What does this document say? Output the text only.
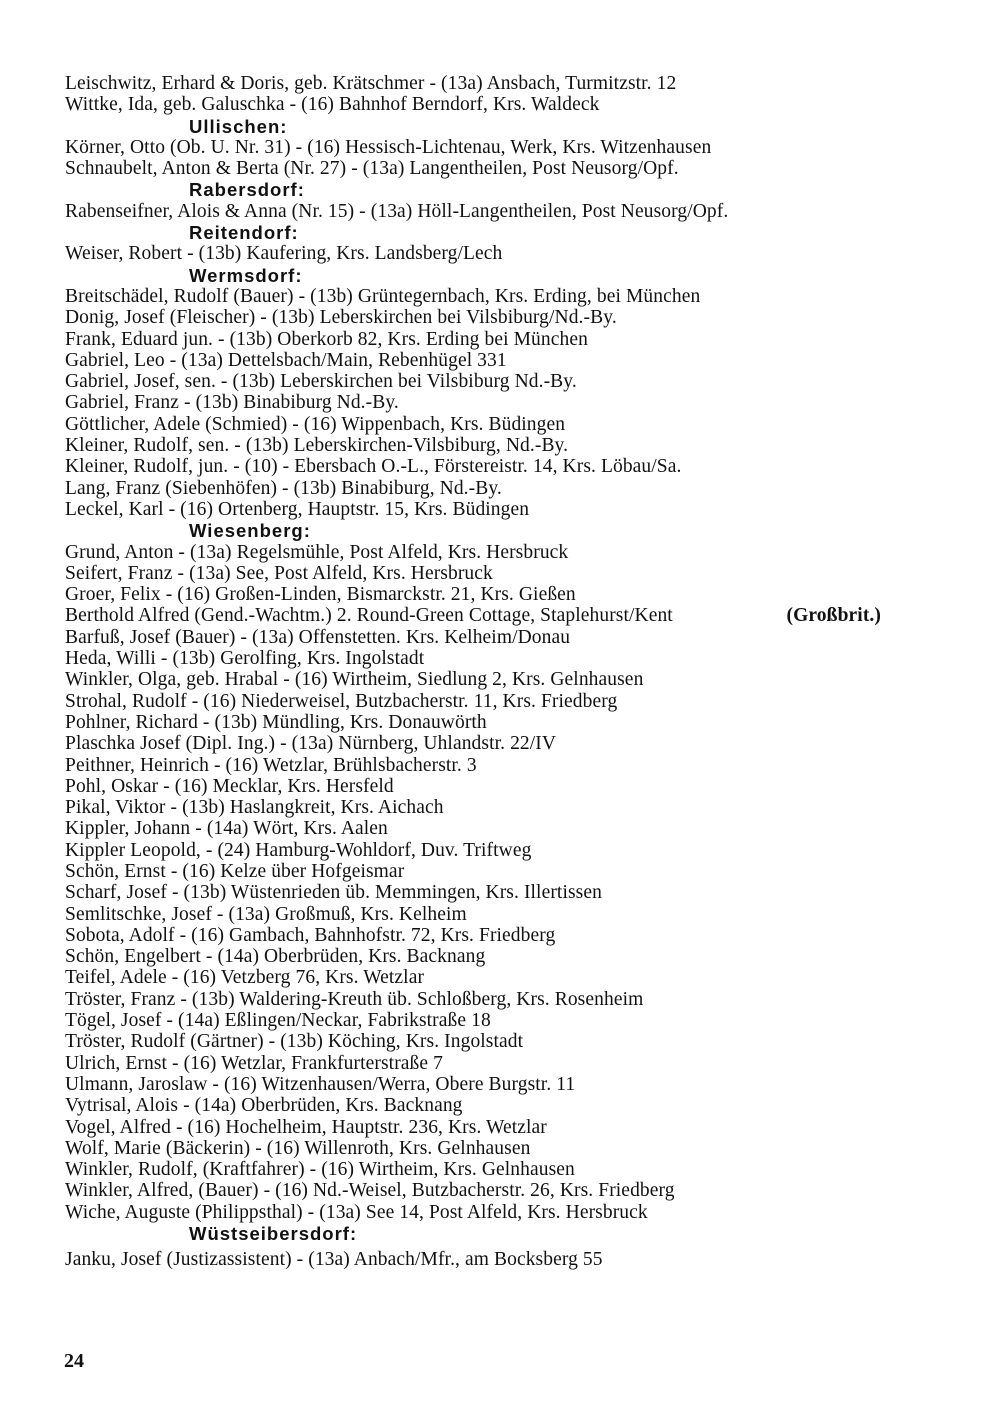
Leischwitz, Erhard & Doris, geb. Krätschmer - (13a) Ansbach, Turmitzstr. 12
Wittke, Ida, geb. Galuschka - (16) Bahnhof Berndorf, Krs. Waldeck
Ullischen:
Körner, Otto (Ob. U. Nr. 31) - (16) Hessisch-Lichtenau, Werk, Krs. Witzenhausen
Schnaubelt, Anton & Berta (Nr. 27) - (13a) Langentheilen, Post Neusorg/Opf.
Rabersdorf:
Rabenseifner, Alois & Anna (Nr. 15) - (13a) Höll-Langentheilen, Post Neusorg/Opf.
Reitendorf:
Weiser, Robert - (13b) Kaufering, Krs. Landsberg/Lech
Wermsdorf:
Breitschädel, Rudolf (Bauer) - (13b) Grüntegernbach, Krs. Erding, bei München
Donig, Josef (Fleischer) - (13b) Leberskirchen bei Vilsbiburg/Nd.-By.
Frank, Eduard jun. - (13b) Oberkorb 82, Krs. Erding bei München
Gabriel, Leo - (13a) Dettelsbach/Main, Rebenhügel 331
Gabriel, Josef, sen. - (13b) Leberskirchen bei Vilsbiburg Nd.-By.
Gabriel, Franz - (13b) Binabiburg Nd.-By.
Göttlicher, Adele (Schmied) - (16) Wippenbach, Krs. Büdingen
Kleiner, Rudolf, sen. - (13b) Leberskirchen-Vilsbiburg, Nd.-By.
Kleiner, Rudolf, jun. - (10) - Ebersbach O.-L., Förstereistr. 14, Krs. Löbau/Sa.
Lang, Franz (Siebenhöfen) - (13b) Binabiburg, Nd.-By.
Leckel, Karl - (16) Ortenberg, Hauptstr. 15, Krs. Büdingen
Wiesenberg:
Grund, Anton - (13a) Regelsmühle, Post Alfeld, Krs. Hersbruck
Seifert, Franz - (13a) See, Post Alfeld, Krs. Hersbruck
Groer, Felix - (16) Großen-Linden, Bismarckstr. 21, Krs. Gießen
Berthold Alfred (Gend.-Wachtm.) 2. Round-Green Cottage, Staplehurst/Kent	(Großbrit.)
Barfuß, Josef (Bauer) - (13a) Offenstetten. Krs. Kelheim/Donau
Heda, Willi - (13b) Gerolfing, Krs. Ingolstadt
Winkler, Olga, geb. Hrabal - (16) Wirtheim, Siedlung 2, Krs. Gelnhausen
Strohal, Rudolf - (16) Niederweisel, Butzbacherstr. 11, Krs. Friedberg
Pohlner, Richard - (13b) Mündling, Krs. Donauwörth
Plaschka Josef (Dipl. Ing.) - (13a) Nürnberg, Uhlandstr. 22/IV
Peithner, Heinrich - (16) Wetzlar, Brühlsbacherstr. 3
Pohl, Oskar - (16) Mecklar, Krs. Hersfeld
Pikal, Viktor - (13b) Haslangkreit, Krs. Aichach
Kippler, Johann - (14a) Wört, Krs. Aalen
Kippler Leopold, - (24) Hamburg-Wohldorf, Duv. Triftweg
Schön, Ernst - (16) Kelze über Hofgeismar
Scharf, Josef - (13b) Wüstenrieden üb. Memmingen, Krs. Illertissen
Semlitschke, Josef - (13a) Großmuß, Krs. Kelheim
Sobota, Adolf - (16) Gambach, Bahnhofstr. 72, Krs. Friedberg
Schön, Engelbert - (14a) Oberbrüden, Krs. Backnang
Teifel, Adele - (16) Vetzberg 76, Krs. Wetzlar
Tröster, Franz - (13b) Waldering-Kreuth üb. Schloßberg, Krs. Rosenheim
Tögel, Josef - (14a) Eßlingen/Neckar, Fabrikstraße 18
Tröster, Rudolf (Gärtner) - (13b) Köching, Krs. Ingolstadt
Ulrich, Ernst - (16) Wetzlar, Frankfurterstraße 7
Ulmann, Jaroslaw - (16) Witzenhausen/Werra, Obere Burgstr. 11
Vytrisal, Alois - (14a) Oberbrüden, Krs. Backnang
Vogel, Alfred - (16) Hochelheim, Hauptstr. 236, Krs. Wetzlar
Wolf, Marie (Bäckerin) - (16) Willenroth, Krs. Gelnhausen
Winkler, Rudolf, (Kraftfahrer) - (16) Wirtheim, Krs. Gelnhausen
Winkler, Alfred, (Bauer) - (16) Nd.-Weisel, Butzbacherstr. 26, Krs. Friedberg
Wiche, Auguste (Philippsthal) - (13a) See 14, Post Alfeld, Krs. Hersbruck
Wüstseibersdorf:
Janku, Josef (Justizassistent) - (13a) Anbach/Mfr., am Bocksberg 55
24
